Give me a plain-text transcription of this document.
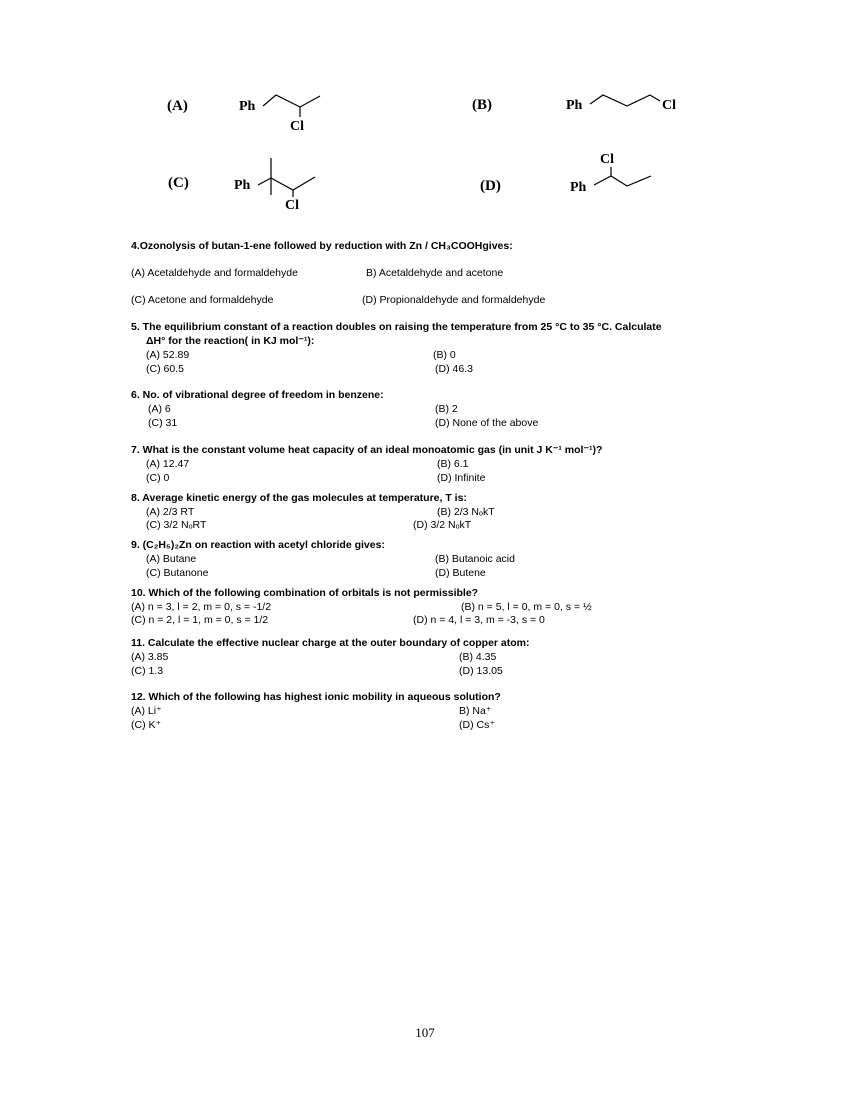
(A)	(B)
(C)	(D)
Ph
Cl
Ph	Cl
Ph
Cl
Cl
Ph
4.Ozonolysis of butan-1-ene followed by reduction with Zn / CH₃COOHgives:
(A) Acetaldehyde and formaldehyde	B) Acetaldehyde and acetone
(C) Acetone and formaldehyde	(D) Propionaldehyde and formaldehyde
5. The equilibrium constant of a reaction doubles on raising the temperature from 25 °C to 35 °C. Calculate
ΔH° for the reaction( in KJ mol⁻¹):
(A) 52.89	(B) 0
(C) 60.5	(D) 46.3
6. No. of vibrational degree of freedom in benzene:
(A) 6	(B) 2
(C) 31	(D) None of the above
7. What is the constant volume heat capacity of an ideal monoatomic gas (in unit J K⁻¹ mol⁻¹)?
(A) 12.47	(B) 6.1
(C) 0	(D) Infinite
8. Average kinetic energy of the gas molecules at temperature, T is:
(A) 2/3 RT	(B) 2/3 NₒkT
(C) 3/2 NₒRT	(D) 3/2 NₒkT
9. (C₂H₅)₂Zn on reaction with acetyl chloride gives:
(A) Butane	(B) Butanoic acid
(C) Butanone	(D) Butene
10. Which of the following combination of orbitals is not permissible?
(A) n = 3, l = 2, m = 0, s = -1/2	(B) n = 5, l = 0, m = 0, s = ½
(C) n = 2, l = 1, m = 0, s = 1/2	(D) n = 4, l = 3, m = -3, s = 0
11. Calculate the effective nuclear charge at the outer boundary of copper atom:
(A) 3.85	(B) 4.35
(C) 1.3	(D) 13.05
12. Which of the following has highest ionic mobility in aqueous solution?
(A) Li⁺	B) Na⁺
(C) K⁺	(D) Cs⁺
107
